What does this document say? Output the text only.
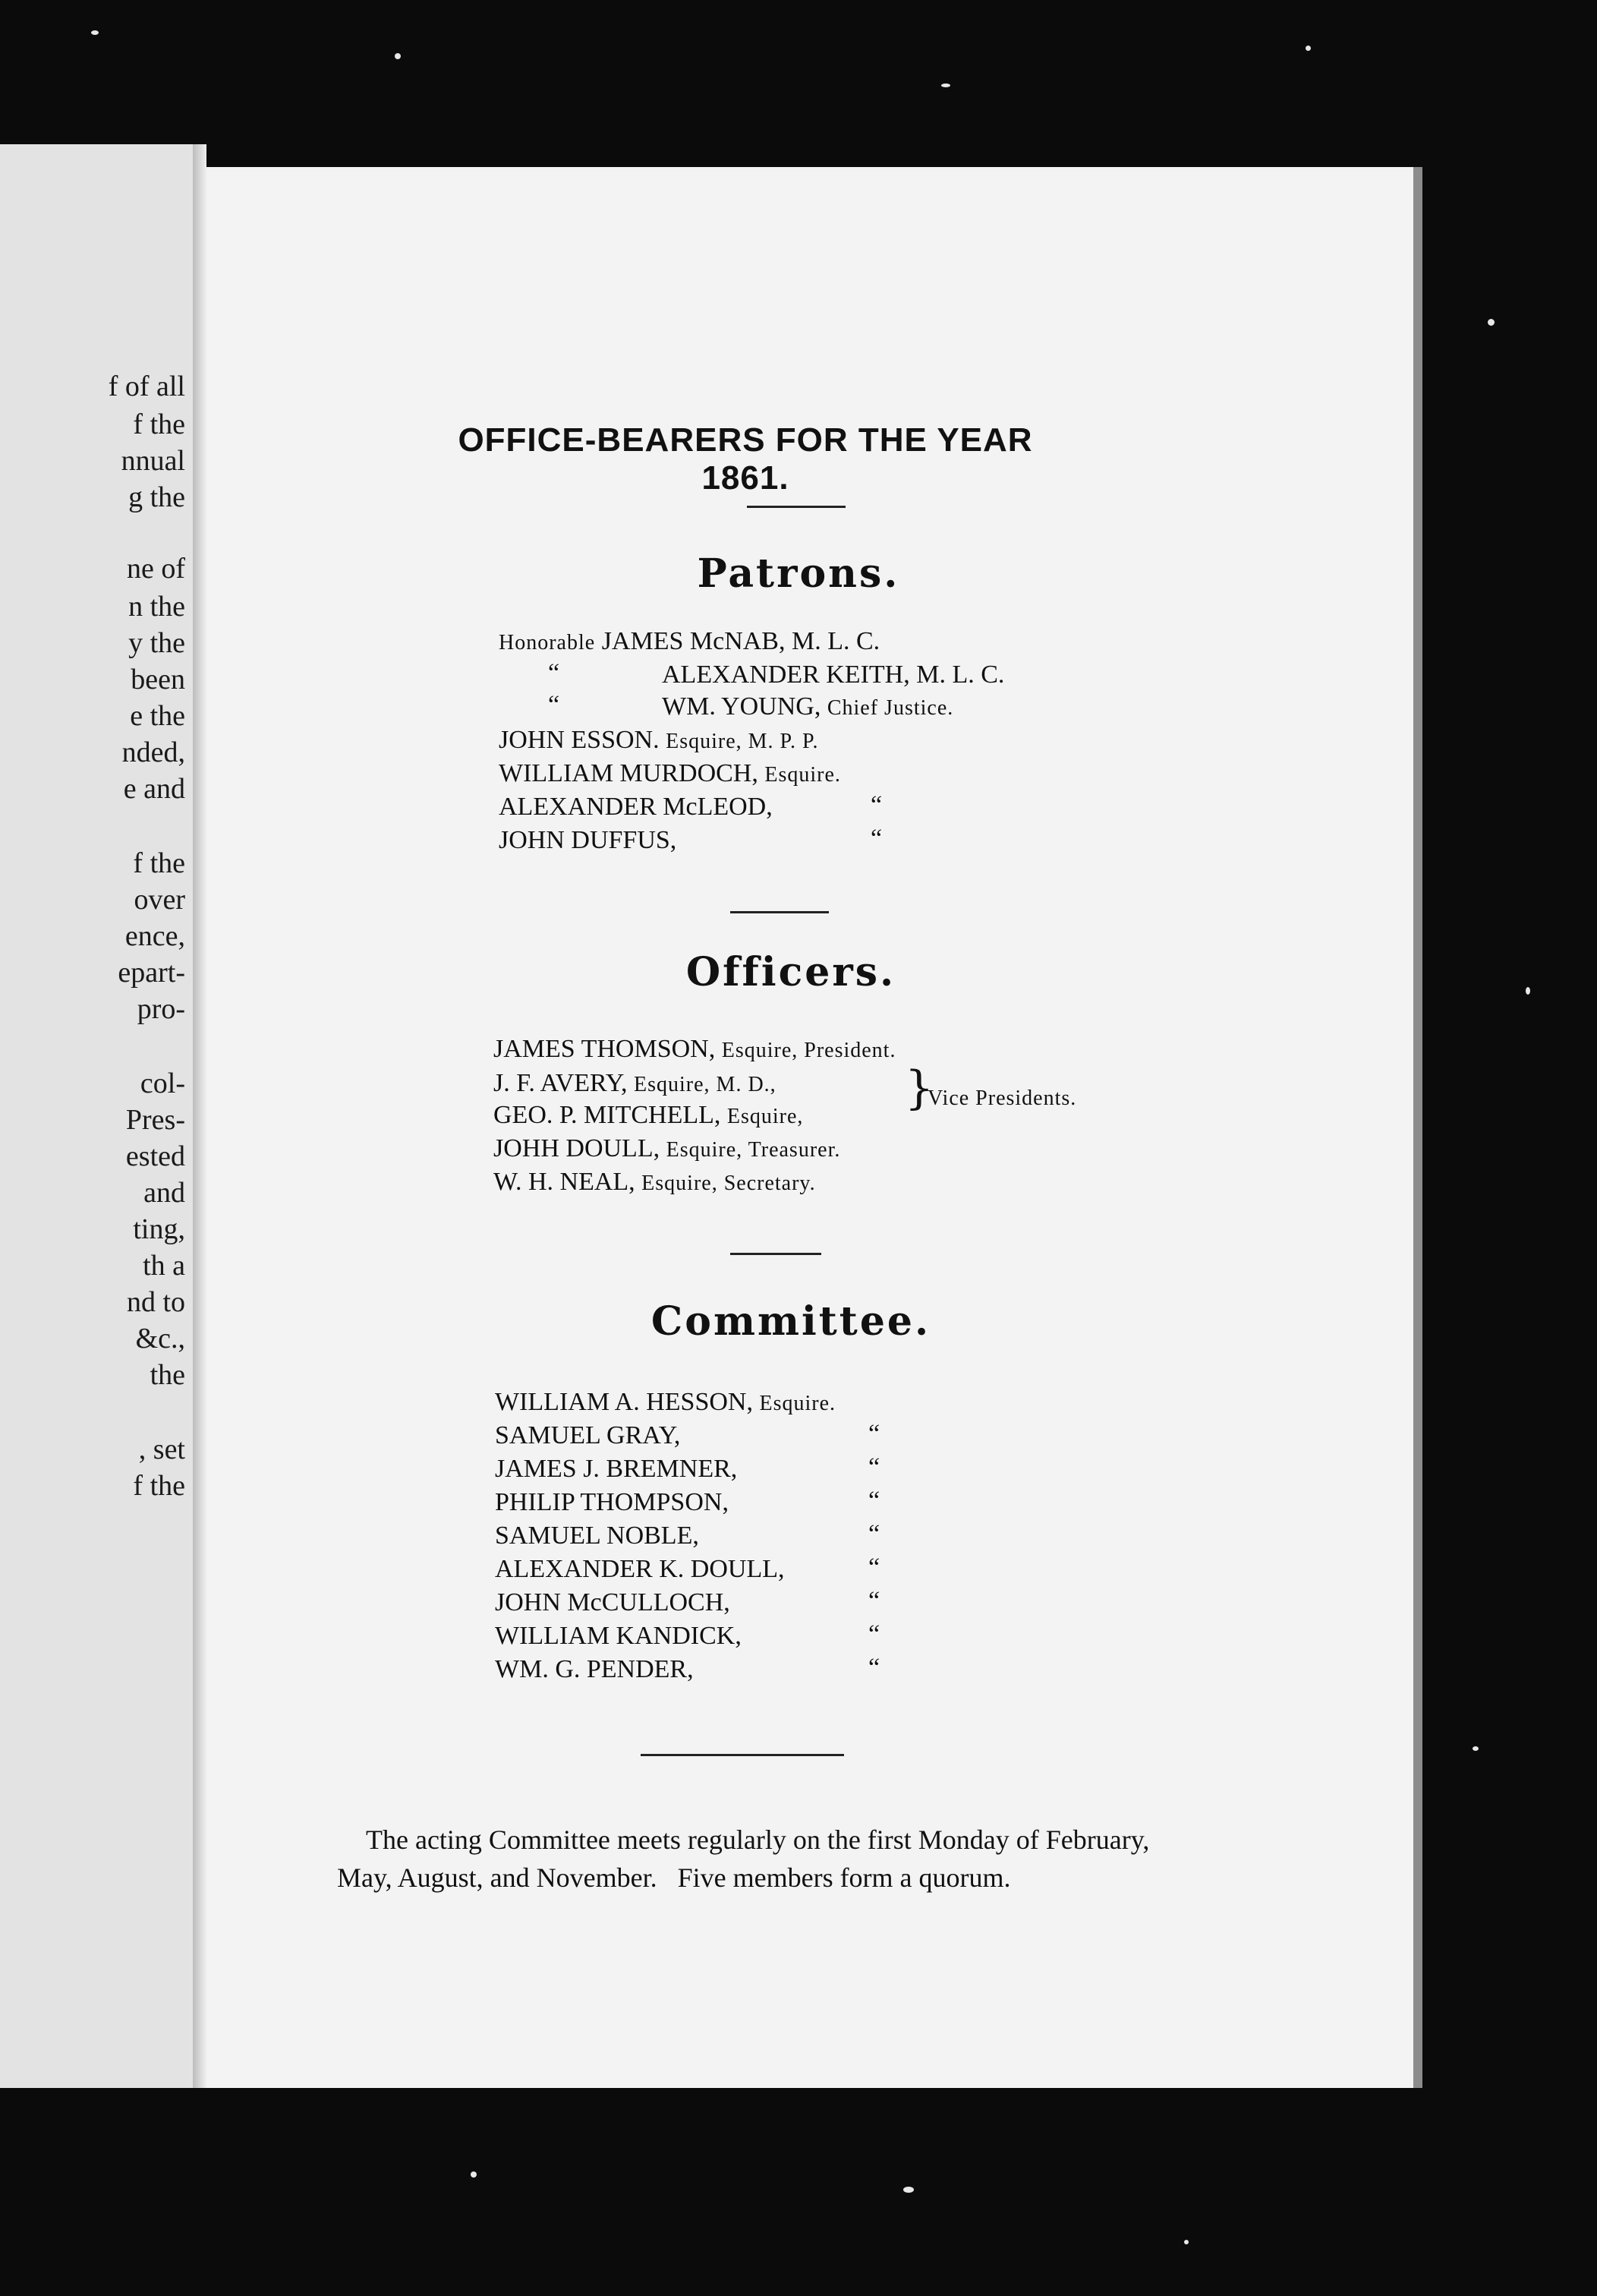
f of all
f the
nnual
g the
ne of
n the
y the
been
e the
nded,
e and
f the
over
ence,
epart-
pro-
col-
Pres-
ested
and
ting,
th a
nd to
&c.,
the
, set
f the
OFFICE-BEARERS FOR THE YEAR 1861.
Patrons.
Honorable JAMES McNAB, M. L. C.
“	ALEXANDER KEITH, M. L. C.
“	WM. YOUNG, Chief Justice.
JOHN ESSON. Esquire, M. P. P.
WILLIAM MURDOCH, Esquire.
ALEXANDER McLEOD,	“
JOHN DUFFUS,	“
Officers.
JAMES THOMSON, Esquire, President.
J. F. AVERY, Esquire, M. D.,
GEO. P. MITCHELL, Esquire,
}
Vice Presidents.
JOHH DOULL, Esquire, Treasurer.
W. H. NEAL, Esquire, Secretary.
Committee.
WILLIAM A. HESSON, Esquire.
SAMUEL GRAY,	“
JAMES J. BREMNER,	“
PHILIP THOMPSON,	“
SAMUEL NOBLE,	“
ALEXANDER K. DOULL,	“
JOHN McCULLOCH,	“
WILLIAM KANDICK,	“
WM. G. PENDER,	“
The acting Committee meets regularly on the first Monday of February,
May, August, and November.   Five members form a quorum.
